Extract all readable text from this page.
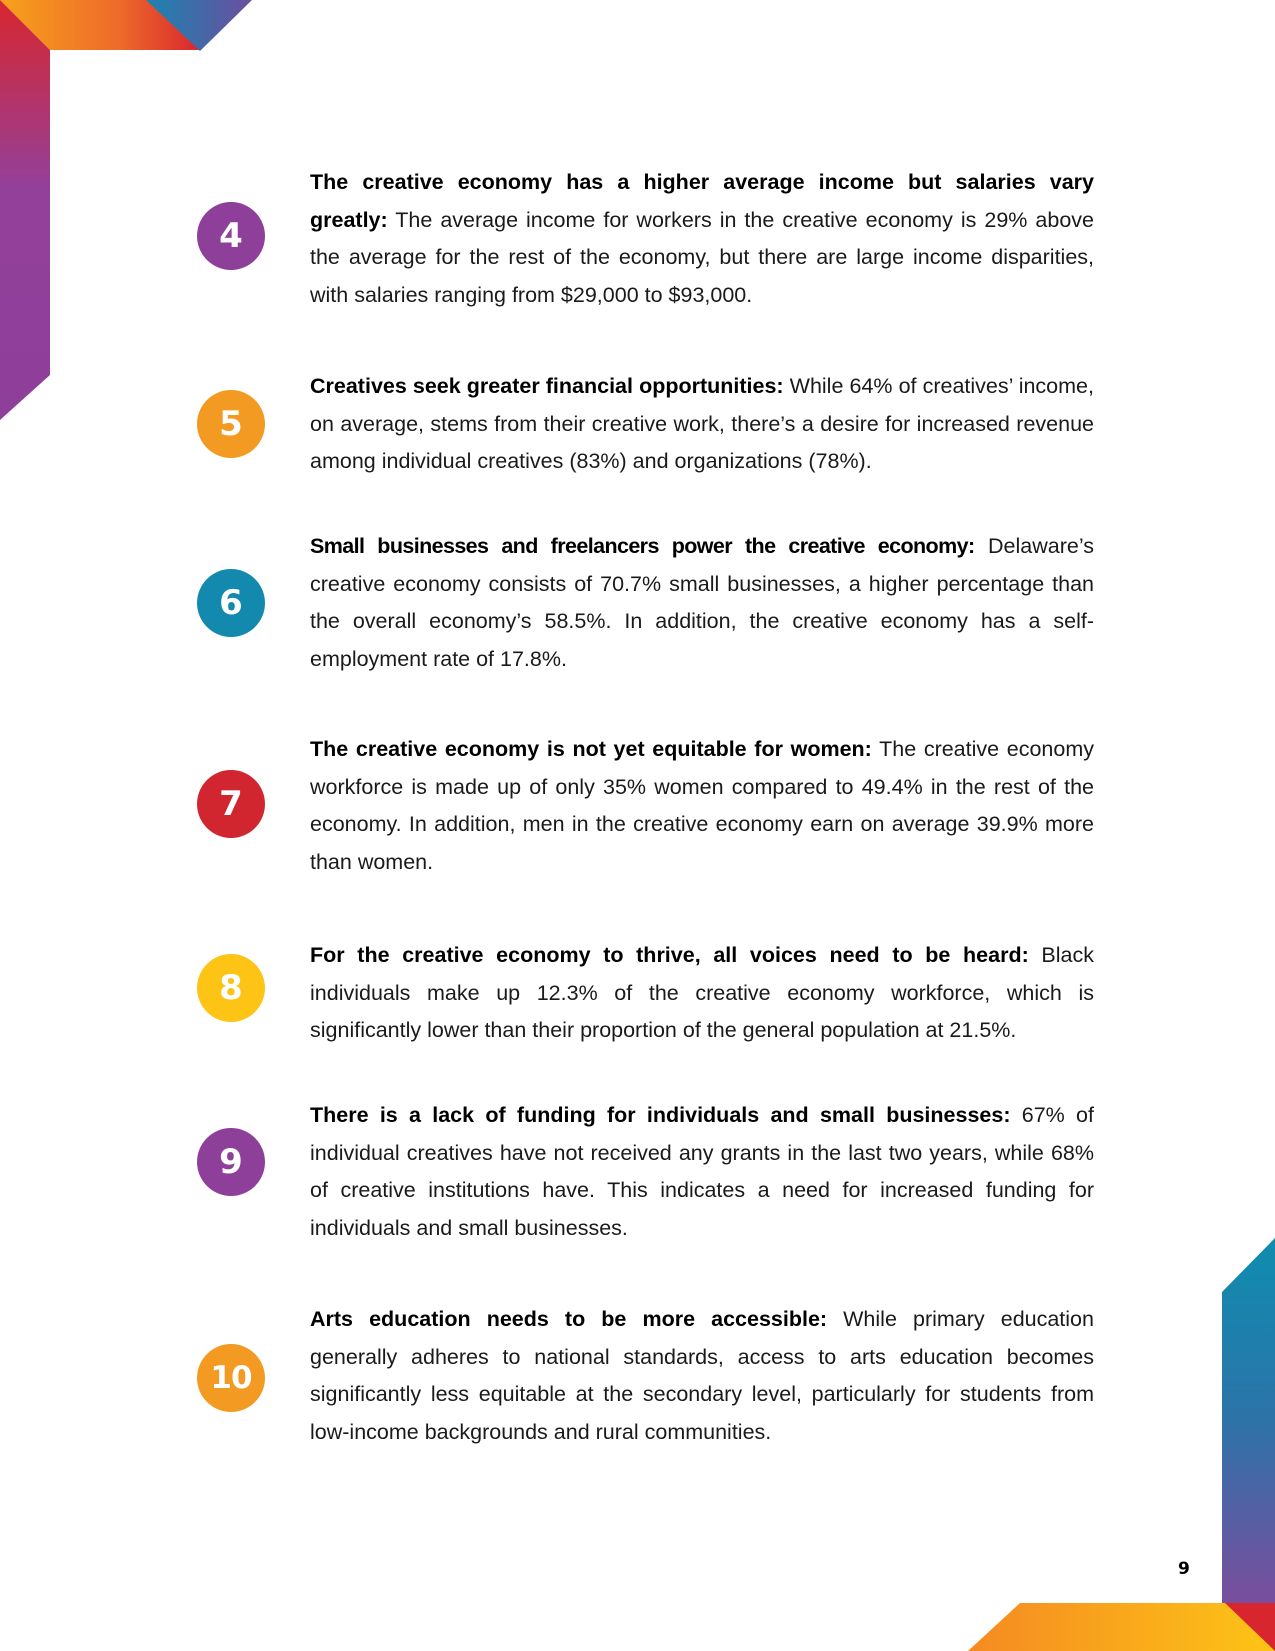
4

The creative economy has a higher average income but salaries vary greatly: The average income for workers in the creative economy is 29% above the average for the rest of the economy, but there are large income disparities, with salaries ranging from $29,000 to $93,000.

5

Creatives seek greater financial opportunities: While 64% of creatives’ income, on average, stems from their creative work, there’s a desire for increased revenue among individual creatives (83%) and organizations (78%).

6

Small businesses and freelancers power the creative economy: Delaware’s creative economy consists of 70.7% small businesses, a higher percentage than the overall economy’s 58.5%. In addition, the creative economy has a self-employment rate of 17.8%.

7

The creative economy is not yet equitable for women: The creative economy workforce is made up of only 35% women compared to 49.4% in the rest of the economy. In addition, men in the creative economy earn on average 39.9% more than women.

8

For the creative economy to thrive, all voices need to be heard: Black individuals make up 12.3% of the creative economy workforce, which is significantly lower than their proportion of the general population at 21.5%.

9

There is a lack of funding for individuals and small businesses: 67% of individual creatives have not received any grants in the last two years, while 68% of creative institutions have. This indicates a need for increased funding for individuals and small businesses.

10

Arts education needs to be more accessible: While primary education generally adheres to national standards, access to arts education becomes significantly less equitable at the secondary level, particularly for students from low-income backgrounds and rural communities.

9
